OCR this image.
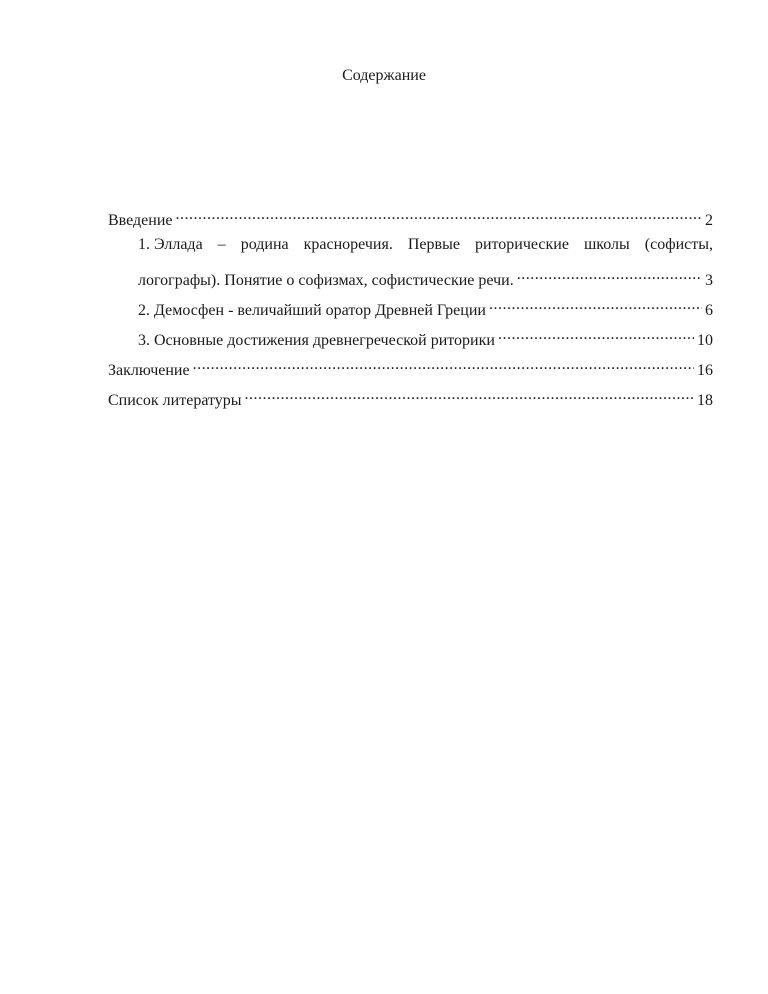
Содержание
Введение .....	2
1. Эллада – родина красноречия. Первые риторические школы (софисты,
логографы). Понятие о софизмах, софистические речи. .....	3
2. Демосфен - величайший оратор Древней Греции .....	6
3. Основные достижения древнегреческой риторики .....	10
Заключение .....	16
Список литературы .....	18
